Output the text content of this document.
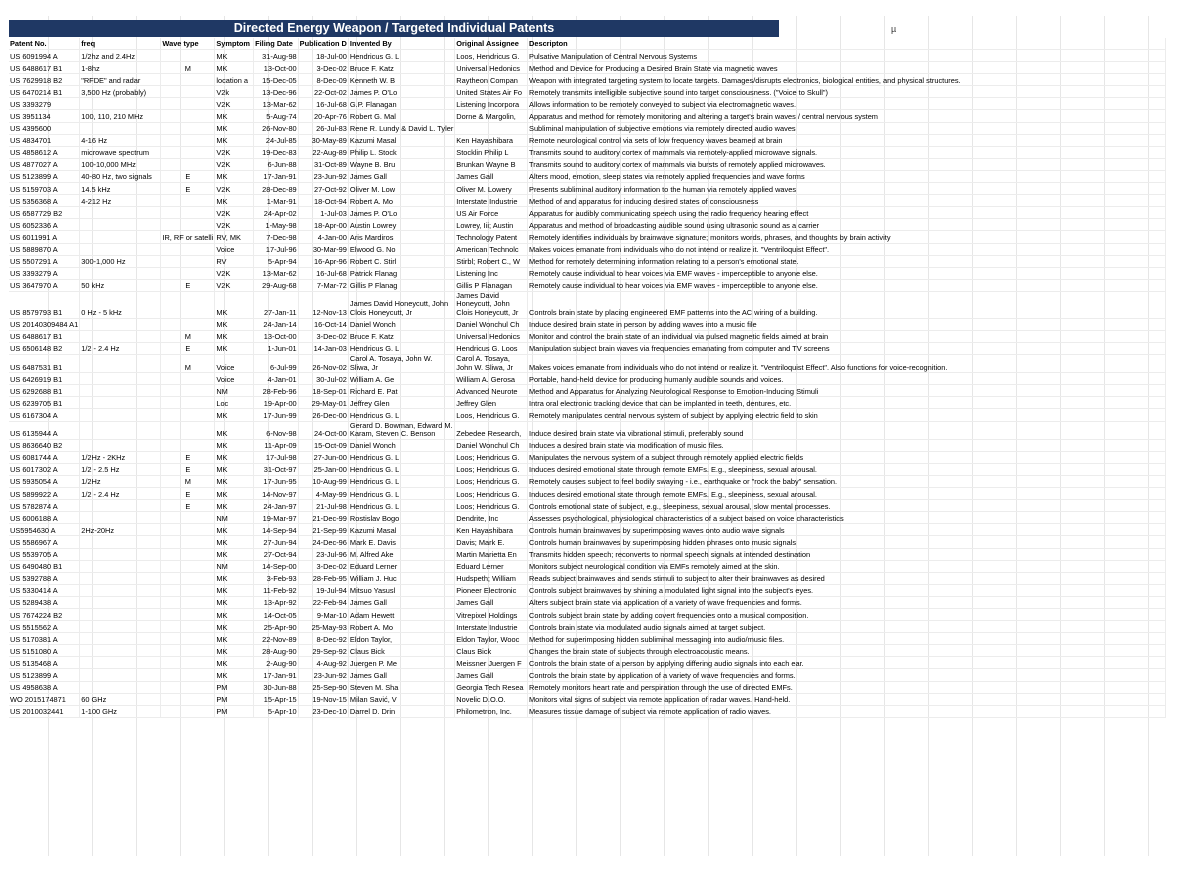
Directed Energy Weapon / Targeted Individual Patents	µ
Patent No.	freq	Wave type	Symptom	Filing Date	Publication D	Invented By	Original Assignee	Descripton
US 6091994 A	1/2hz and 2.4Hz		MK	31-Aug-98	18-Jul-00	Hendricus G. L	Loos, Hendricus G.	Pulsative Manipulation of Central Nervous Systems
US 6488617 B1	1-8hz	M	MK	13-Oct-00	3-Dec-02	Bruce F. Katz	Universal Hedonics	Method and Device for Producing a Desired Brain State via magnetic waves
US 7629918 B2	"RFDE" and radar		location a	15-Dec-05	8-Dec-09	Kenneth W. B	Raytheon Compan	Weapon with integrated targeting system to locate targets. Damages/disrupts electronics, biological entities, and physical structures.
US 6470214 B1	3,500 Hz (probably)		V2k	13-Dec-96	22-Oct-02	James P. O'Lo	United States Air Fo	Remotely transmits intelligible subjective sound into target consciousness. ("Voice to Skull")
US 3393279			V2K	13-Mar-62	16-Jul-68	G.P. Flanagan	Listening Incorpora	Allows information to be remotely conveyed to subject via electromagnetic waves.
US 3951134	100, 110, 210 MHz		MK	5-Aug-74	20-Apr-76	Robert G. Mal	Dorne & Margolin,	Apparatus and method for remotely monitoring and altering a target's brain waves / central nervous system
US 4395600			MK	26-Nov-80	26-Jul-83	Rene R. Lundy & David L. Tyler		Subliminal manipulation of subjective emotions via remotely directed audio waves
US 4834701	4-16 Hz		MK	24-Jul-85	30-May-89	Kazumi Masal	Ken Hayashibara	Remote neurological control via sets of low frequency waves beamed at brain
US 4858612 A	microwave spectrum		V2K	19-Dec-83	22-Aug-89	Philip L. Stock	Stocklin Philip L	Transmits sound to auditory cortex of mammals via remotely-applied microwave signals.
US 4877027 A	100-10,000 MHz		V2K	6-Jun-88	31-Oct-89	Wayne B. Bru	Brunkan Wayne B	Transmits sound to auditory cortex of mammals via bursts of remotely applied microwaves.
US 5123899 A	40-80 Hz, two signals	E	MK	17-Jan-91	23-Jun-92	James Gall	James Gall	Alters mood, emotion, sleep states via remotely applied frequencies and wave forms
US 5159703 A	14.5 kHz	E	V2K	28-Dec-89	27-Oct-92	Oliver M. Low	Oliver M. Lowery	Presents subliminal auditory information to the human via remotely applied waves
US 5356368 A	4-212 Hz		MK	1-Mar-91	18-Oct-94	Robert A. Mo	Interstate Industrie	Method of and apparatus for inducing desired states of consciousness
US 6587729 B2			V2K	24-Apr-02	1-Jul-03	James P. O'Lo	US Air Force	Apparatus for audibly communicating speech using the radio frequency hearing effect
US 6052336 A			V2K	1-May-98	18-Apr-00	Austin Lowrey	Lowrey, Iii; Austin	Apparatus and method of broadcasting audible sound using ultrasonic sound as a carrier
US 6011991 A		IR, RF or satelli	RV, MK	7-Dec-98	4-Jan-00	Aris Mardiros	Technology Patent	Remotely identifies individuals by brainwave signature; monitors words, phrases, and thoughts by brain activity
US 5889870 A			Voice	17-Jul-96	30-Mar-99	Elwood G. No	American Technolc	Makes voices emanate from individuals who do not intend or realize it. "Ventriloquist Effect".
US 5507291 A	300-1,000 Hz		RV	5-Apr-94	16-Apr-96	Robert C. Stirl	Stirbl; Robert C., W	Method for remotely determining information relating to a person's emotional state.
US 3393279 A			V2K	13-Mar-62	16-Jul-68	Patrick Flanag	Listening Inc	Remotely cause individual to hear voices via EMF waves - imperceptible to anyone else.
US 3647970 A	50 kHz	E	V2K	29-Aug-68	7-Mar-72	Gillis P Flanag	Gillis P Flanagan	Remotely cause individual to hear voices via EMF waves - imperceptible to anyone else.
US 8579793 B1	0 Hz - 5 kHz		MK	27-Jan-11	12-Nov-13	James David Honeycutt, John Clois Honeycutt, Jr	James David Honeycutt, John Clois Honeycutt, Jr	Controls brain state by placing engineered EMF patterns into the AC wiring of a building.
US 20140309484 A1			MK	24-Jan-14	16-Oct-14	Daniel Wonch	Daniel Wonchul Ch	Induce desired brain state in person by adding waves into a music file
US 6488617 B1		M	MK	13-Oct-00	3-Dec-02	Bruce F. Katz	Universal Hedonics	Monitor and control the brain state of an individual via pulsed magnetic fields aimed at brain
US 6506148 B2	1/2 - 2.4 Hz	E	MK	1-Jun-01	14-Jan-03	Hendricus G. L	Hendricus G. Loos	Manipulation subject brain waves via frequencies emanating from computer and TV screens
US 6487531 B1		M	Voice	6-Jul-99	26-Nov-02	Carol A. Tosaya, John W. Sliwa, Jr	Carol A. Tosaya, John W. Sliwa, Jr	Makes voices emanate from individuals who do not intend or realize it. "Ventriloquist Effect". Also functions for voice-recognition.
US 6426919 B1			Voice	4-Jan-01	30-Jul-02	William A. Ge	William A. Gerosa	Portable, hand-held device for producing humanly audible sounds and voices.
US 6292688 B1			NM	28-Feb-96	18-Sep-01	Richard E. Pat	Advanced Neurote	Method and Apparatus for Analyzing Neurological Response to Emotion-Inducing Stimuli
US 6239705 B1			Loc	19-Apr-00	29-May-01	Jeffrey Glen	Jeffrey Glen	Intra oral electronic tracking device that can be implanted in teeth, dentures, etc.
US 6167304 A			MK	17-Jun-99	26-Dec-00	Hendricus G. L	Loos, Hendricus G.	Remotely manipulates central nervous system of subject by applying electric field to skin
US 6135944 A			MK	6-Nov-98	24-Oct-00	Gerard D. Bowman, Edward M. Karam, Steven C. Benson	Zebedee Research,	Induce desired brain state via vibrational stimuli, preferably sound
US 8636640 B2			MK	11-Apr-09	15-Oct-09	Daniel Wonch	Daniel Wonchul Ch	Induces a desired brain state via modification of music files.
US 6081744 A	1/2Hz - 2KHz	E	MK	17-Jul-98	27-Jun-00	Hendricus G. L	Loos; Hendricus G.	Manipulates the nervous system of a subject through remotely applied electric fields
US 6017302 A	1/2 - 2.5 Hz	E	MK	31-Oct-97	25-Jan-00	Hendricus G. L	Loos; Hendricus G.	Induces desired emotional state through remote EMFs. E.g., sleepiness, sexual arousal.
US 5935054 A	1/2Hz	M	MK	17-Jun-95	10-Aug-99	Hendricus G. L	Loos; Hendricus G.	Remotely causes subject to feel bodily swaying - i.e., earthquake or "rock the baby" sensation.
US 5899922 A	1/2 - 2.4 Hz	E	MK	14-Nov-97	4-May-99	Hendricus G. L	Loos; Hendricus G.	Induces desired emotional state through remote EMFs. E.g., sleepiness, sexual arousal.
US 5782874 A		E	MK	24-Jan-97	21-Jul-98	Hendricus G. L	Loos; Hendricus G.	Controls emotional state of subject, e.g., sleepiness, sexual arousal, slow mental processes.
US 6006188 A			NM	19-Mar-97	21-Dec-99	Rostislav Bogo	Dendrite, Inc	Assesses psychological, physiological characteristics of a subject based on voice characteristics
US5954630 A	2Hz-20Hz		MK	14-Sep-94	21-Sep-99	Kazumi Masal	Ken Hayashibara	Controls human brainwaves by superimposing waves onto audio wave signals
US 5586967 A			MK	27-Jun-94	24-Dec-96	Mark E. Davis	Davis; Mark E.	Controls human brainwaves by superimposing hidden phrases onto music signals
US 5539705 A			MK	27-Oct-94	23-Jul-96	M. Alfred Ake	Martin Marietta En	Transmits hidden speech; reconverts to normal speech signals at intended destination
US 6490480 B1			NM	14-Sep-00	3-Dec-02	Eduard Lerner	Eduard Lerner	Monitors subject neurological condition via EMFs remotely aimed at the skin.
US 5392788 A			MK	3-Feb-93	28-Feb-95	William J. Huc	Hudspeth; William	Reads subject brainwaves and sends stimuli to subject to alter their brainwaves as desired
US 5330414 A			MK	11-Feb-92	19-Jul-94	Mitsuo Yasusl	Pioneer Electronic	Controls subject brainwaves by shining a modulated light signal into the subject's eyes.
US 5289438 A			MK	13-Apr-92	22-Feb-94	James Gall	James Gall	Alters subject brain state via application of a variety of wave frequencies and forms.
US 7674224 B2			MK	14-Oct-05	9-Mar-10	Adam Hewett	Vitrepixel Holdings	Controls subject brain state by adding covert frequencies onto a musical composition.
US 5515562 A			MK	25-Apr-90	25-May-93	Robert A. Mo	Interstate Industrie	Controls brain state via modulated audio signals aimed at target subject.
US 5170381 A			MK	22-Nov-89	8-Dec-92	Eldon Taylor,	Eldon Taylor, Wooc	Method for superimposing hidden subliminal messaging into audio/music files.
US 5151080 A			MK	28-Aug-90	29-Sep-92	Claus Bick	Claus Bick	Changes the brain state of subjects through electroacoustic means.
US 5135468 A			MK	2-Aug-90	4-Aug-92	Juergen P. Me	Meissner Juergen F	Controls the brain state of a person by applying differing audio signals into each ear.
US 5123899 A			MK	17-Jan-91	23-Jun-92	James Gall	James Gall	Controls the brain state by application of a variety of wave frequencies and forms.
US 4958638 A			PM	30-Jun-88	25-Sep-90	Steven M. Sha	Georgia Tech Resea	Remotely monitors heart rate and perspiration through the use of directed EMFs.
WO 2015174871	60 GHz		PM	15-Apr-15	19-Nov-15	Milan Savić, V	Novelic D.O.O.	Monitors vital signs of subject via remote application of radar waves. Hand-held.
US 2010032441	1-100 GHz		PM	5-Apr-10	23-Dec-10	Darrel D. Drin	Philometron, Inc.	Measures tissue damage of subject via remote application of radio waves.
